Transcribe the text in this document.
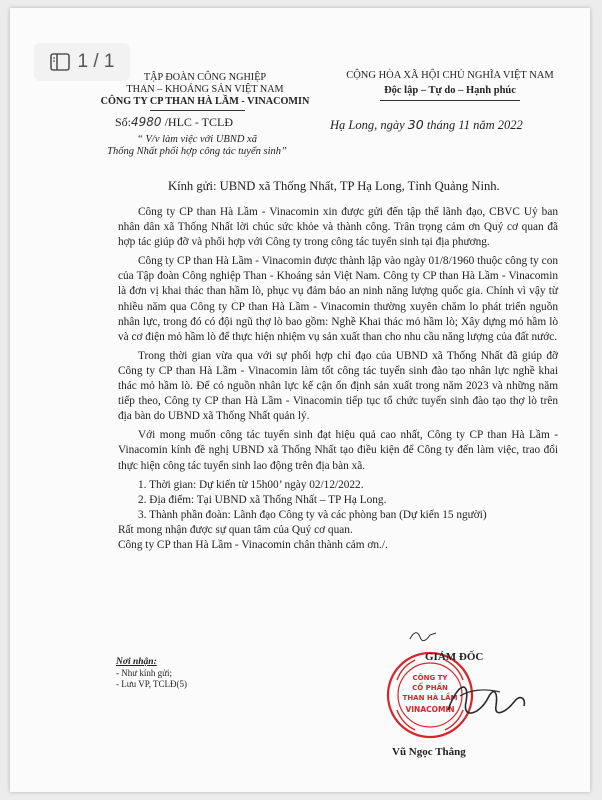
1 / 1
TẬP ĐOÀN CÔNG NGHIỆP
THAN – KHOÁNG SẢN VIỆT NAM
CÔNG TY CP THAN HÀ LẦM - VINACOMIN
CỘNG HÒA XÃ HỘI CHỦ NGHĨA VIỆT NAM
Độc lập – Tự do – Hạnh phúc
Số:4980 /HLC - TCLĐ	Hạ Long, ngày 30 tháng 11 năm 2022
“ V/v làm việc với UBND xã
Thống Nhất phối hợp công tác tuyển sinh”
Kính gửi: UBND xã Thống Nhất, TP Hạ Long, Tỉnh Quảng Ninh.

Công ty CP than Hà Lầm - Vinacomin xin được gửi đến tập thể lãnh đạo, CBVC Uỷ ban nhân dân xã Thống Nhất lời chúc sức khỏe và thành công. Trân trọng cảm ơn Quý cơ quan đã hợp tác giúp đỡ và phối hợp với Công ty trong công tác tuyển sinh tại địa phương.

Công ty CP than Hà Lầm - Vinacomin được thành lập vào ngày 01/8/1960 thuộc công ty con của Tập đoàn Công nghiệp Than - Khoáng sản Việt Nam. Công ty CP than Hà Lầm - Vinacomin là đơn vị khai thác than hầm lò, phục vụ đảm bảo an ninh năng lượng quốc gia. Chính vì vậy từ nhiều năm qua Công ty CP than Hà Lầm - Vinacomin thường xuyên chăm lo phát triển nguồn nhân lực, trong đó có đội ngũ thợ lò bao gồm: Nghề Khai thác mỏ hầm lò; Xây dựng mỏ hầm lò và cơ điện mỏ hầm lò để thực hiện nhiệm vụ sản xuất than cho nhu cầu năng lượng của đất nước.

Trong thời gian vừa qua với sự phối hợp chỉ đạo của UBND xã Thống Nhất đã giúp đỡ Công ty CP than Hà Lầm - Vinacomin làm tốt công tác tuyển sinh đào tạo nhân lực nghề khai thác mỏ hầm lò. Để có nguồn nhân lực kế cận ổn định sản xuất trong năm 2023 và những năm tiếp theo, Công ty CP than Hà Lầm - Vinacomin tiếp tục tổ chức tuyển sinh đào tạo thợ lò trên địa bàn do UBND xã Thống Nhất quản lý.

Với mong muốn công tác tuyển sinh đạt hiệu quả cao nhất, Công ty CP than Hà Lầm - Vinacomin kính đề nghị UBND xã Thống Nhất tạo điều kiện để Công ty đến làm việc, trao đổi thực hiện công tác tuyển sinh lao động trên địa bàn xã.

1. Thời gian: Dự kiến từ 15h00’ ngày 02/12/2022.

2. Địa điểm: Tại UBND xã Thống Nhất – TP Hạ Long.

3. Thành phần đoàn: Lãnh đạo Công ty và các phòng ban (Dự kiến 15 người)

Rất mong nhận được sự quan tâm của Quý cơ quan.

Công ty CP than Hà Lầm - Vinacomin chân thành cảm ơn./.

Nơi nhận:
- Như kính gửi;
- Lưu VP, TCLĐ(5)
CÔNG TY
CỔ PHẦN
THAN HÀ LẦM
VINACOMIN
GIÁM ĐỐC
Vũ Ngọc Thắng
